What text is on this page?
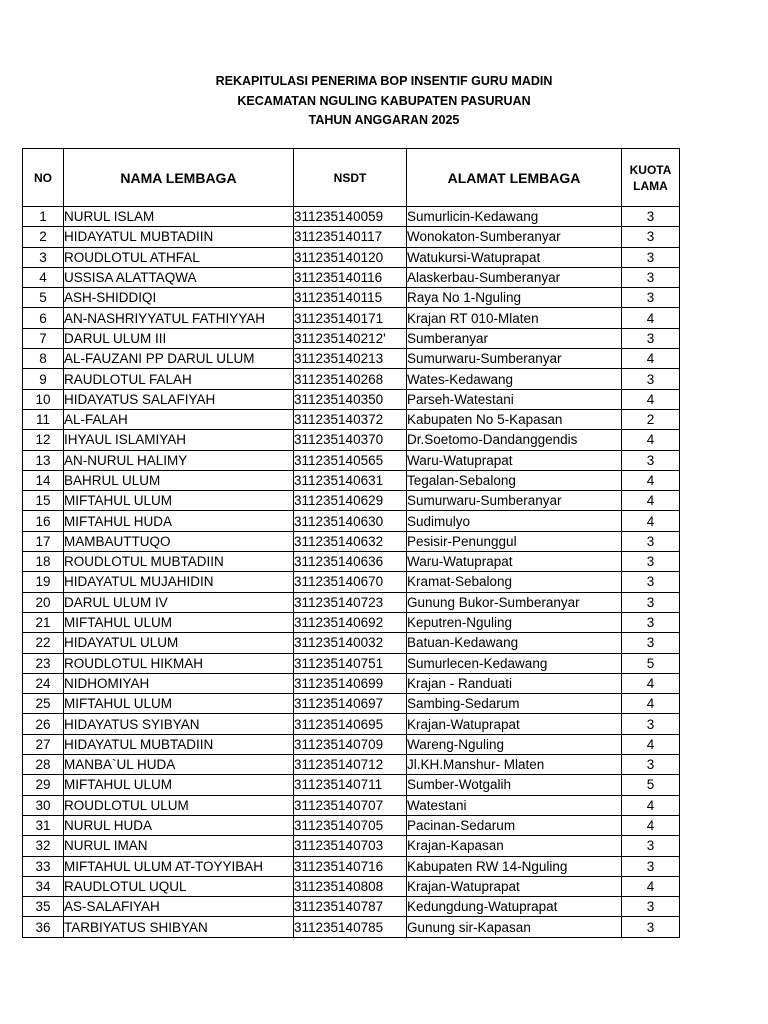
REKAPITULASI PENERIMA BOP INSENTIF GURU MADIN
KECAMATAN NGULING KABUPATEN PASURUAN
TAHUN ANGGARAN 2025
NO	NAMA LEMBAGA	NSDT	ALAMAT LEMBAGA	KUOTA
LAMA

1	NURUL ISLAM	311235140059	Sumurlicin-Kedawang	3
2	HIDAYATUL MUBTADIIN	311235140117	Wonokaton-Sumberanyar	3
3	ROUDLOTUL ATHFAL	311235140120	Watukursi-Watuprapat	3
4	USSISA ALATTAQWA	311235140116	Alaskerbau-Sumberanyar	3
5	ASH-SHIDDIQI	311235140115	Raya No 1-Nguling	3
6	AN-NASHRIYYATUL FATHIYYAH	311235140171	Krajan RT 010-Mlaten	4
7	DARUL ULUM III	311235140212'	Sumberanyar	3
8	AL-FAUZANI PP DARUL ULUM	311235140213	Sumurwaru-Sumberanyar	4
9	RAUDLOTUL FALAH	311235140268	Wates-Kedawang	3
10	HIDAYATUS SALAFIYAH	311235140350	Parseh-Watestani	4
11	AL-FALAH	311235140372	Kabupaten No 5-Kapasan	2
12	IHYAUL ISLAMIYAH	311235140370	Dr.Soetomo-Dandanggendis	4
13	AN-NURUL HALIMY	311235140565	Waru-Watuprapat	3
14	BAHRUL ULUM	311235140631	Tegalan-Sebalong	4
15	MIFTAHUL ULUM	311235140629	Sumurwaru-Sumberanyar	4
16	MIFTAHUL HUDA	311235140630	Sudimulyo	4
17	MAMBAUTTUQO	311235140632	Pesisir-Penunggul	3
18	ROUDLOTUL MUBTADIIN	311235140636	Waru-Watuprapat	3
19	HIDAYATUL MUJAHIDIN	311235140670	Kramat-Sebalong	3
20	DARUL ULUM IV	311235140723	Gunung Bukor-Sumberanyar	3
21	MIFTAHUL ULUM	311235140692	Keputren-Nguling	3
22	HIDAYATUL ULUM	311235140032	Batuan-Kedawang	3
23	ROUDLOTUL HIKMAH	311235140751	Sumurlecen-Kedawang	5
24	NIDHOMIYAH	311235140699	Krajan - Randuati	4
25	MIFTAHUL ULUM	311235140697	Sambing-Sedarum	4
26	HIDAYATUS SYIBYAN	311235140695	Krajan-Watuprapat	3
27	HIDAYATUL MUBTADIIN	311235140709	Wareng-Nguling	4
28	MANBA`UL HUDA	311235140712	Jl.KH.Manshur- Mlaten	3
29	MIFTAHUL ULUM	311235140711	Sumber-Wotgalih	5
30	ROUDLOTUL ULUM	311235140707	Watestani	4
31	NURUL HUDA	311235140705	Pacinan-Sedarum	4
32	NURUL IMAN	311235140703	Krajan-Kapasan	3
33	MIFTAHUL ULUM AT-TOYYIBAH	311235140716	Kabupaten RW 14-Nguling	3
34	RAUDLOTUL UQUL	311235140808	Krajan-Watuprapat	4
35	AS-SALAFIYAH	311235140787	Kedungdung-Watuprapat	3
36	TARBIYATUS SHIBYAN	311235140785	Gunung sir-Kapasan	3
